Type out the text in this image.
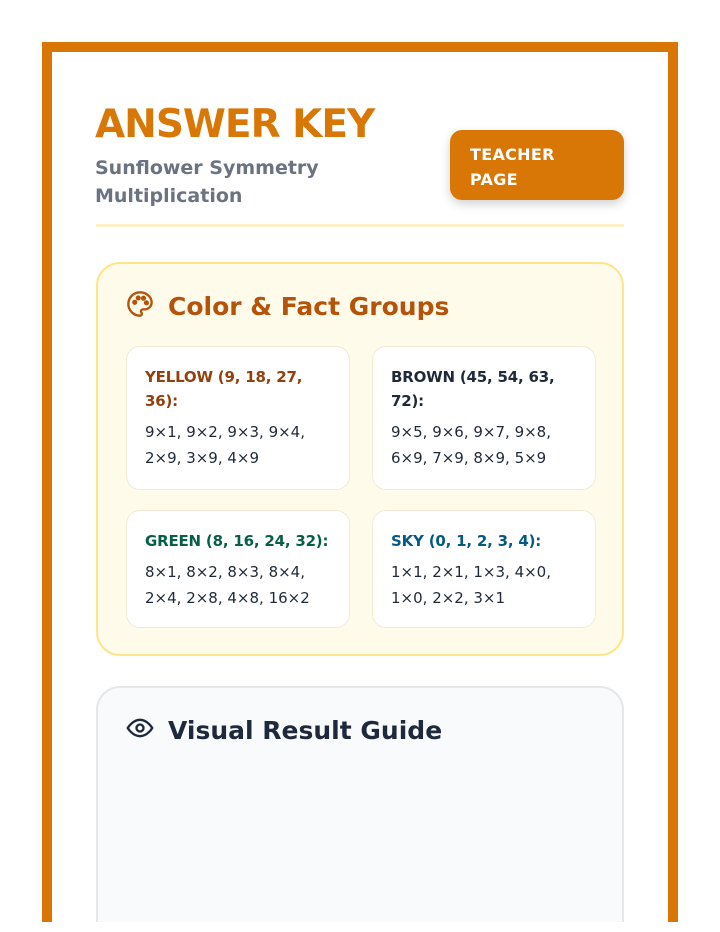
ANSWER KEY
Sunflower Symmetry Multiplication
TEACHER PAGE
Color & Fact Groups
YELLOW (9, 18, 27, 36):
9×1, 9×2, 9×3, 9×4, 2×9, 3×9, 4×9
BROWN (45, 54, 63, 72):
9×5, 9×6, 9×7, 9×8, 6×9, 7×9, 8×9, 5×9
GREEN (8, 16, 24, 32):
8×1, 8×2, 8×3, 8×4, 2×4, 2×8, 4×8, 16×2
SKY (0, 1, 2, 3, 4):
1×1, 2×1, 1×3, 4×0, 1×0, 2×2, 3×1
Visual Result Guide
